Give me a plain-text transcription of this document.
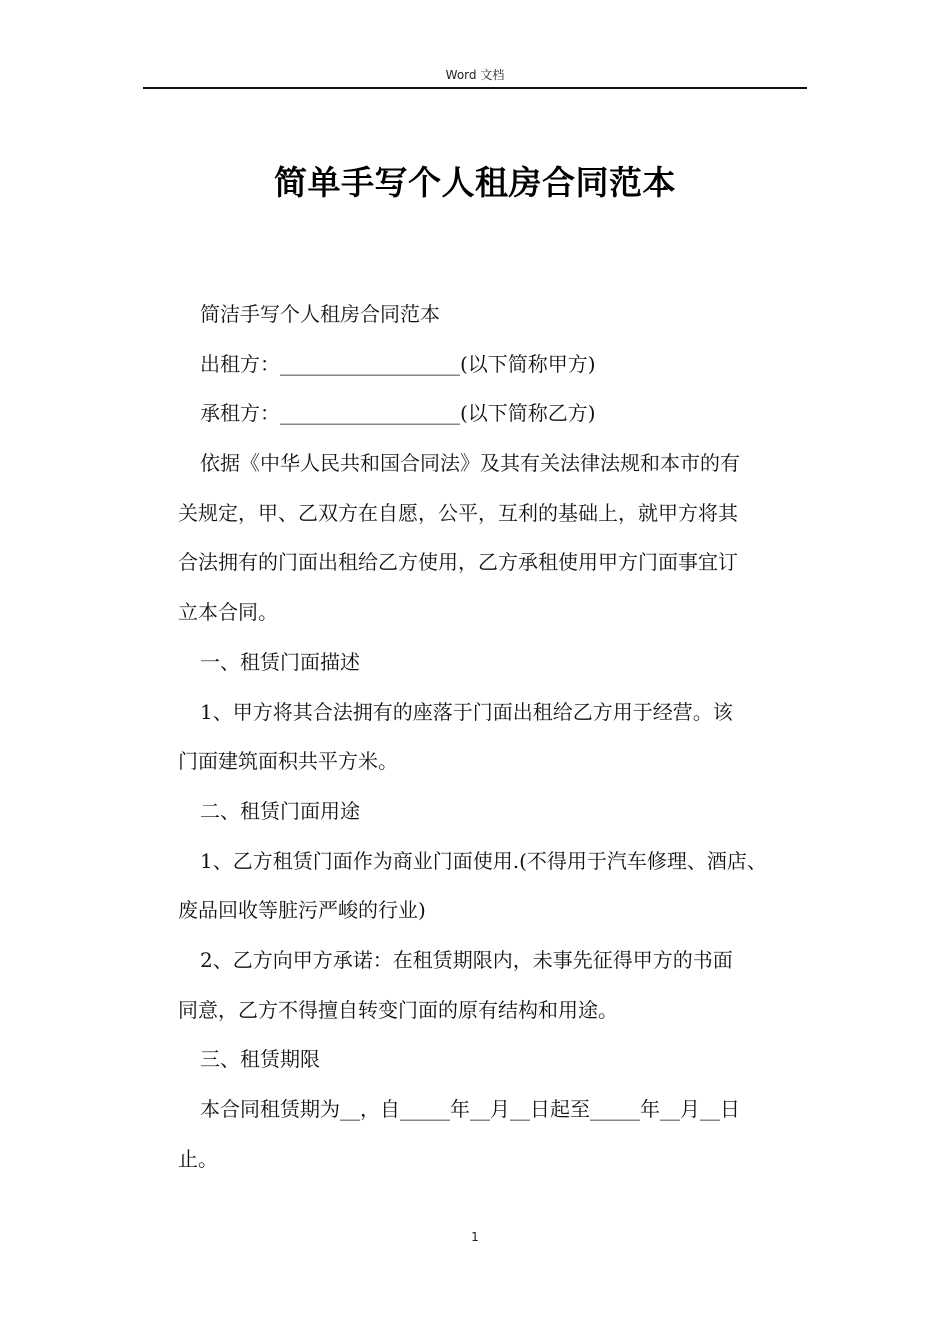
Word 文档
简单手写个人租房合同范本
简洁手写个人租房合同范本
出租方：__________________(以下简称甲方)
承租方：__________________(以下简称乙方)
依据《中华人民共和国合同法》及其有关法律法规和本市的有
关规定，甲、乙双方在自愿，公平，互利的基础上，就甲方将其
合法拥有的门面出租给乙方使用，乙方承租使用甲方门面事宜订
立本合同。
一、租赁门面描述
1、甲方将其合法拥有的座落于门面出租给乙方用于经营。该
门面建筑面积共平方米。
二、租赁门面用途
1、乙方租赁门面作为商业门面使用.(不得用于汽车修理、酒店、
废品回收等脏污严峻的行业)
2、乙方向甲方承诺：在租赁期限内，未事先征得甲方的书面
同意，乙方不得擅自转变门面的原有结构和用途。
三、租赁期限
本合同租赁期为__，自_____年__月__日起至_____年__月__日
止。
1
